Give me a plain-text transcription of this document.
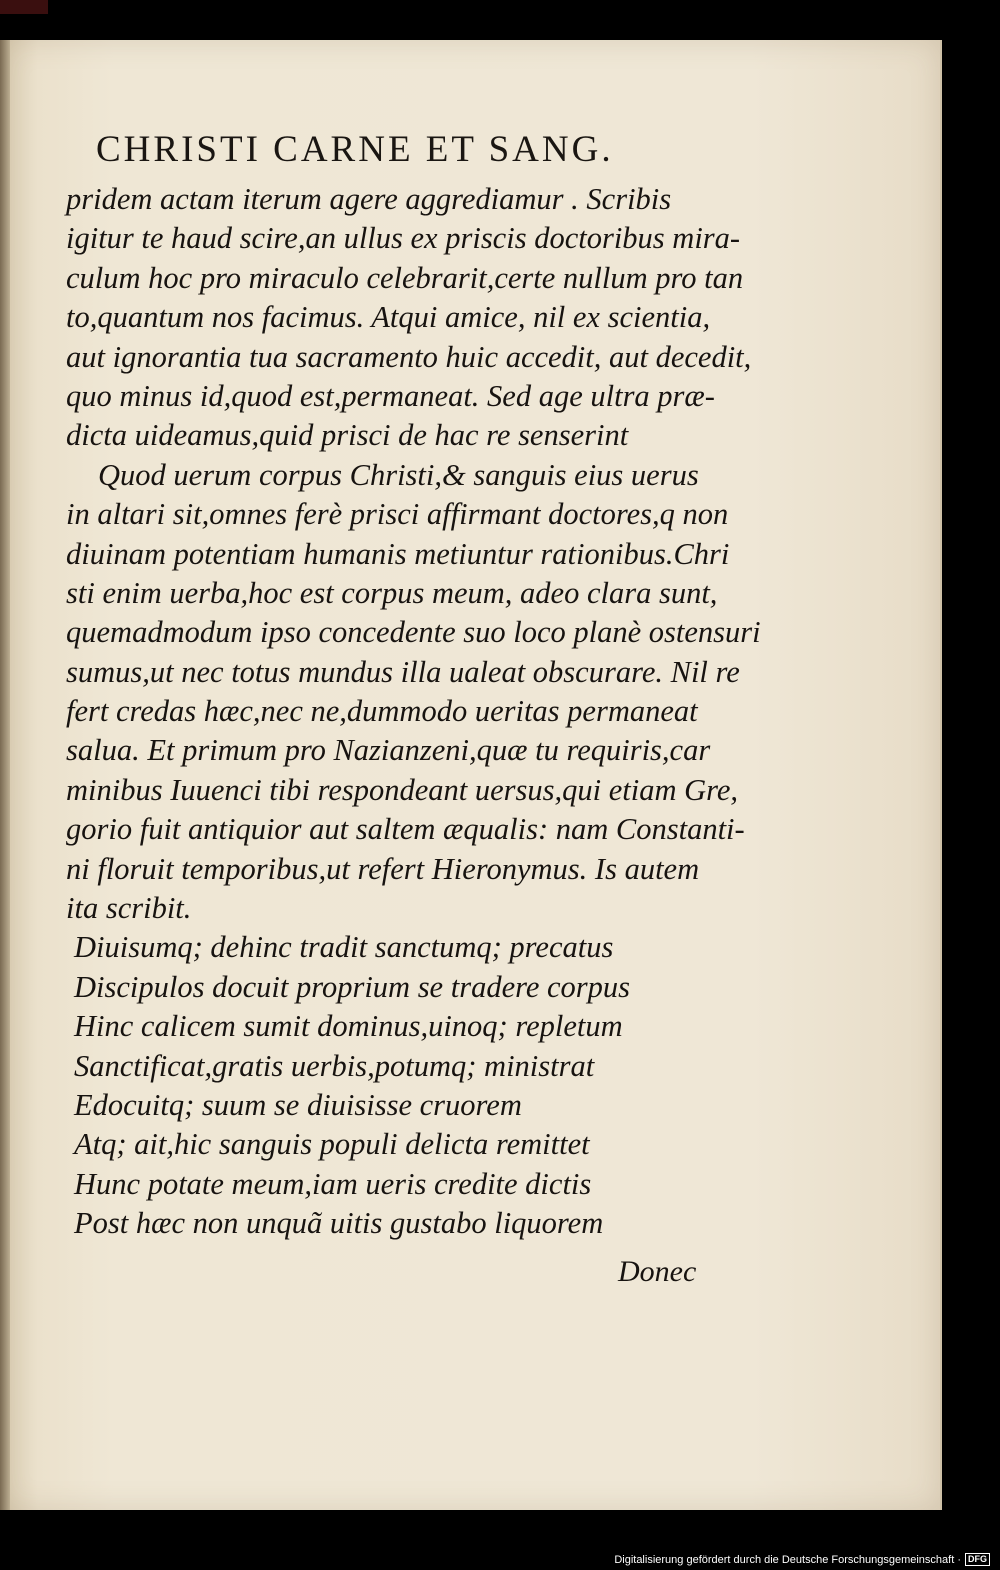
CHRISTI CARNE ET SANG.
pridem actam iterum agere aggrediamur . Scribis
igitur te haud scire,an ullus ex priscis doctoribus mira-
culum hoc pro miraculo celebrarit,certe nullum pro tan
to,quantum nos facimus. Atqui amice, nil ex scientia,
aut ignorantia tua sacramento huic accedit, aut decedit,
quo minus id,quod est,permaneat. Sed age ultra præ-
dicta uideamus,quid prisci de hac re senserint
Quod uerum corpus Christi,& sanguis eius uerus
in altari sit,omnes ferè prisci affirmant doctores,q non
diuinam potentiam humanis metiuntur rationibus.Chri
sti enim uerba,hoc est corpus meum, adeo clara sunt,
quemadmodum ipso concedente suo loco planè ostensuri
sumus,ut nec totus mundus illa ualeat obscurare. Nil re
fert credas hæc,nec ne,dummodo ueritas permaneat
salua. Et primum pro Nazianzeni,quæ tu requiris,car
minibus Iuuenci tibi respondeant uersus,qui etiam Gre,
gorio fuit antiquior aut saltem æqualis: nam Constanti-
ni floruit temporibus,ut refert Hieronymus. Is autem
ita scribit.
Diuisumq; dehinc tradit sanctumq; precatus
Discipulos docuit proprium se tradere corpus
Hinc calicem sumit dominus,uinoq; repletum
Sanctificat,gratis uerbis,potumq; ministrat
Edocuitq; suum se diuisisse cruorem
Atq; ait,hic sanguis populi delicta remittet
Hunc potate meum,iam ueris credite dictis
Post hæc non unquã uitis gustabo liquorem
Donec
Digitalisierung gefördert durch die Deutsche Forschungsgemeinschaft · DFG
